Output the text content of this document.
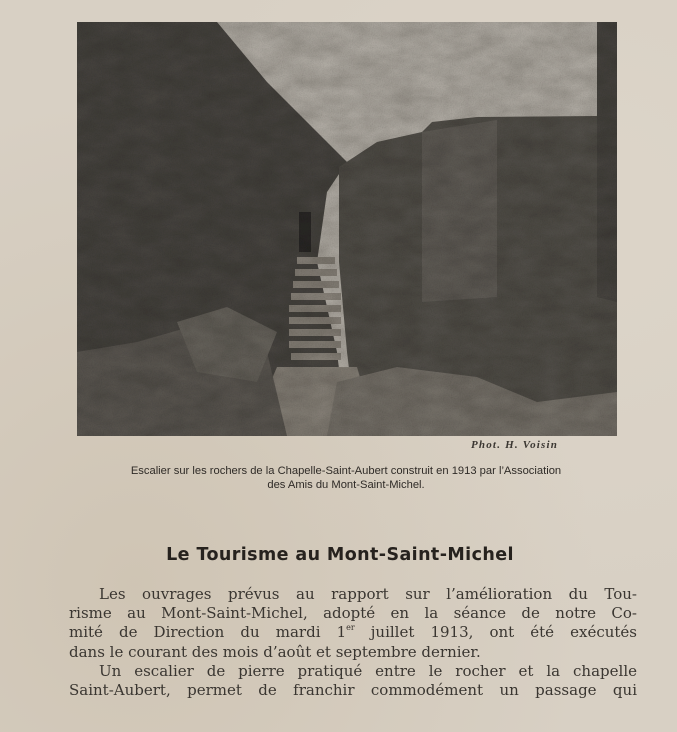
Phot. H. Voisin
Escalier sur les rochers de la Chapelle-Saint-Aubert construit en 1913 par l’Association
des Amis du Mont-Saint-Michel.
Le Tourisme au Mont-Saint-Michel
Les ouvrages prévus au rapport sur l’amélioration du Tou-
risme au Mont-Saint-Michel, adopté en la séance de notre Co-
mité de Direction du mardi 1er juillet 1913, ont été exécutés
dans le courant des mois d’août et septembre dernier.
Un escalier de pierre pratiqué entre le rocher et la chapelle
Saint-Aubert, permet de franchir commodément un passage qui
